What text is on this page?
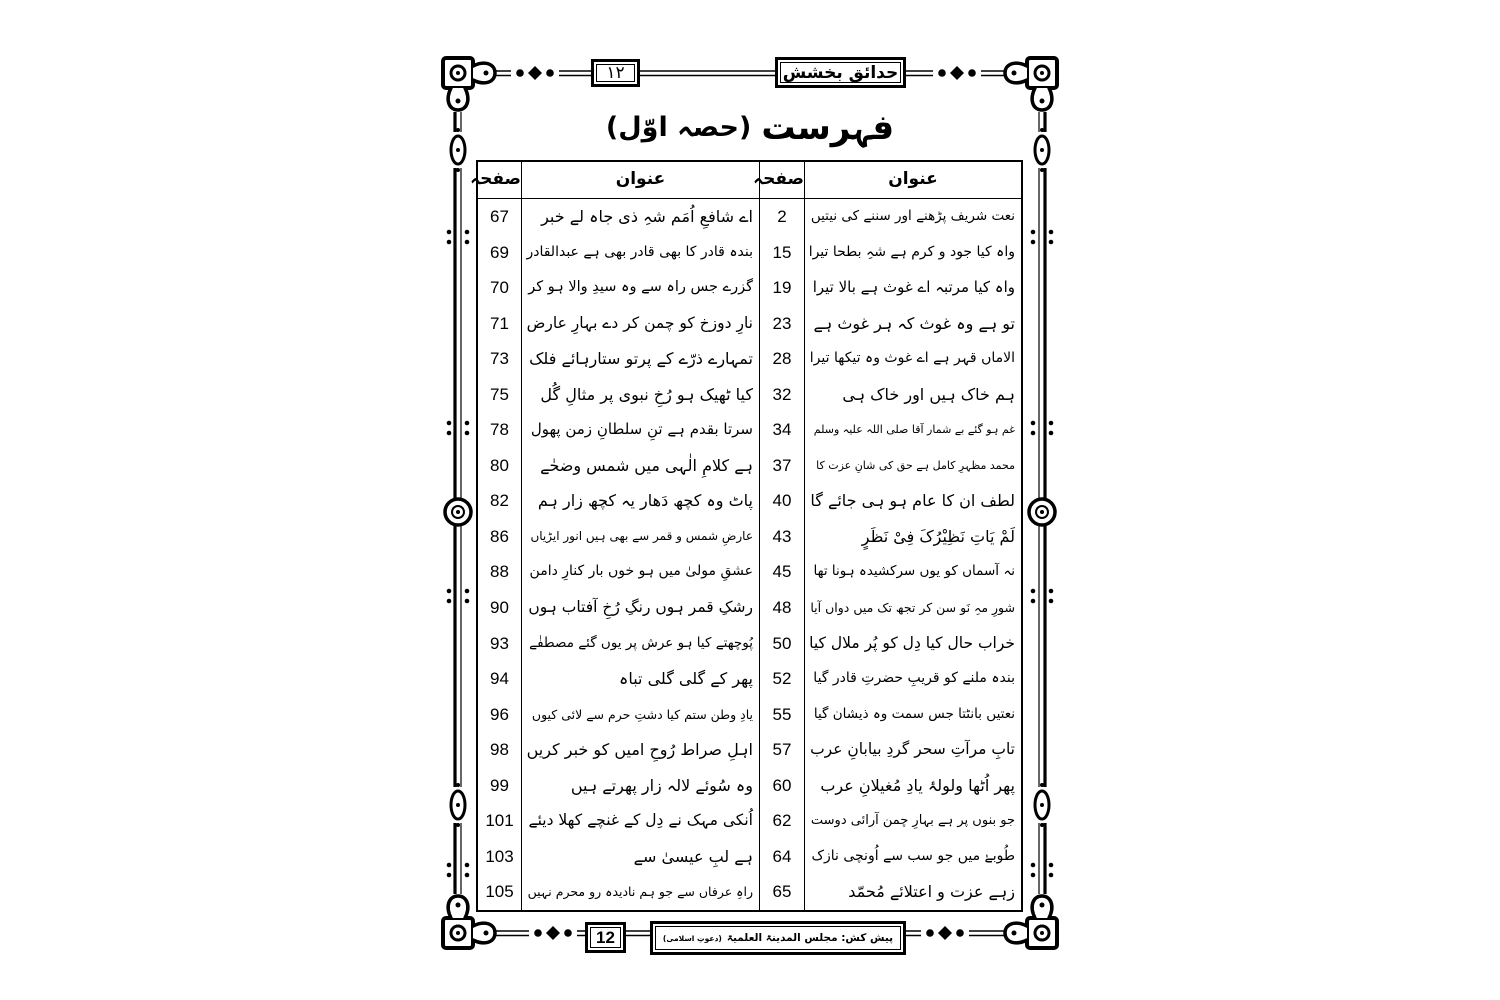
حدائق بخشش
۱۲
فہرست
(حصہ اوّل)
عنوان
صفحہ
عنوان
صفحہ
نعت شریف پڑھنے اور سننے کی نیتیں
2
اے شافعِ اُمَم شہِ ذی جاہ لے خبر
67
واہ کیا جود و کرم ہے شہِ بطحا تیرا
15
بندہ قادر کا بھی قادر بھی ہے عبدالقادر
69
واہ کیا مرتبہ اے غوث ہے بالا تیرا
19
گزرے جس راہ سے وہ سیدِ والا ہو کر
70
تو ہے وہ غوث کہ ہر غوث ہے
23
نارِ دوزخ کو چمن کر دے بہارِ عارض
71
الاماں قہر ہے اے غوث وہ تیکھا تیرا
28
تمہارے ذرّے کے پرتو ستارہائے فلک
73
ہم خاک ہیں اور خاک ہی
32
کیا ٹھیک ہو رُخِ نبوی پر مثالِ گُل
75
غم ہو گئے بے شمار آقا صلی اللہ علیہ وسلم
34
سرتا بقدم ہے تنِ سلطانِ زمن پھول
78
محمد مظہرِ کامل ہے حق کی شانِ عزت کا
37
ہے کلامِ الٰہی میں شمس وضحٰے
80
لطف ان کا عام ہو ہی جائے گا
40
پاٹ وہ کچھ دَھار یہ کچھ زار ہم
82
لَمْ یَاتِ نَظِیْرُکَ فِیْ نَظَرٍ
43
عارضِ شمس و قمر سے بھی ہیں انور ایڑیاں
86
نہ آسماں کو یوں سرکشیدہ ہونا تھا
45
عشقِ مولیٰ میں ہو خوں بار کنارِ دامن
88
شورِ مہِ نَو سن کر تجھ تک میں دواں آیا
48
رشکِ قمر ہوں رنگِ رُخِ آفتاب ہوں
90
خراب حال کیا دِل کو پُر ملال کیا
50
پُوچھتے کیا ہو عرش پر یوں گئے مصطفٰے
93
بندہ ملنے کو قریبِ حضرتِ قادر گیا
52
پھر کے گلی گلی تباہ
94
نعتیں بانٹتا جس سمت وہ ذیشان گیا
55
یادِ وطن ستم کیا دشتِ حرم سے لائی کیوں
96
تابِ مرآتِ سحر گردِ بیابانِ عرب
57
اہلِ صراط رُوحِ امیں کو خبر کریں
98
پھر اُٹھا ولولۂ یادِ مُغیلانِ عرب
60
وہ سُوئے لالہ زار پھرتے ہیں
99
جو بنوں پر ہے بہارِ چمن آرائی دوست
62
اُنکی مہک نے دِل کے غنچے کھلا دیئے
101
طُوبےٰ میں جو سب سے اُونچی نازک
64
ہے لبِ عیسیٰ سے
103
زہے عزت و اعتلائے مُحمّد
65
راہِ عرفاں سے جو ہم نادیدہ رو محرم نہیں
105
12	پیش کش: مجلس المدینۃ العلمیۃ
(دعوتِ اسلامی)
